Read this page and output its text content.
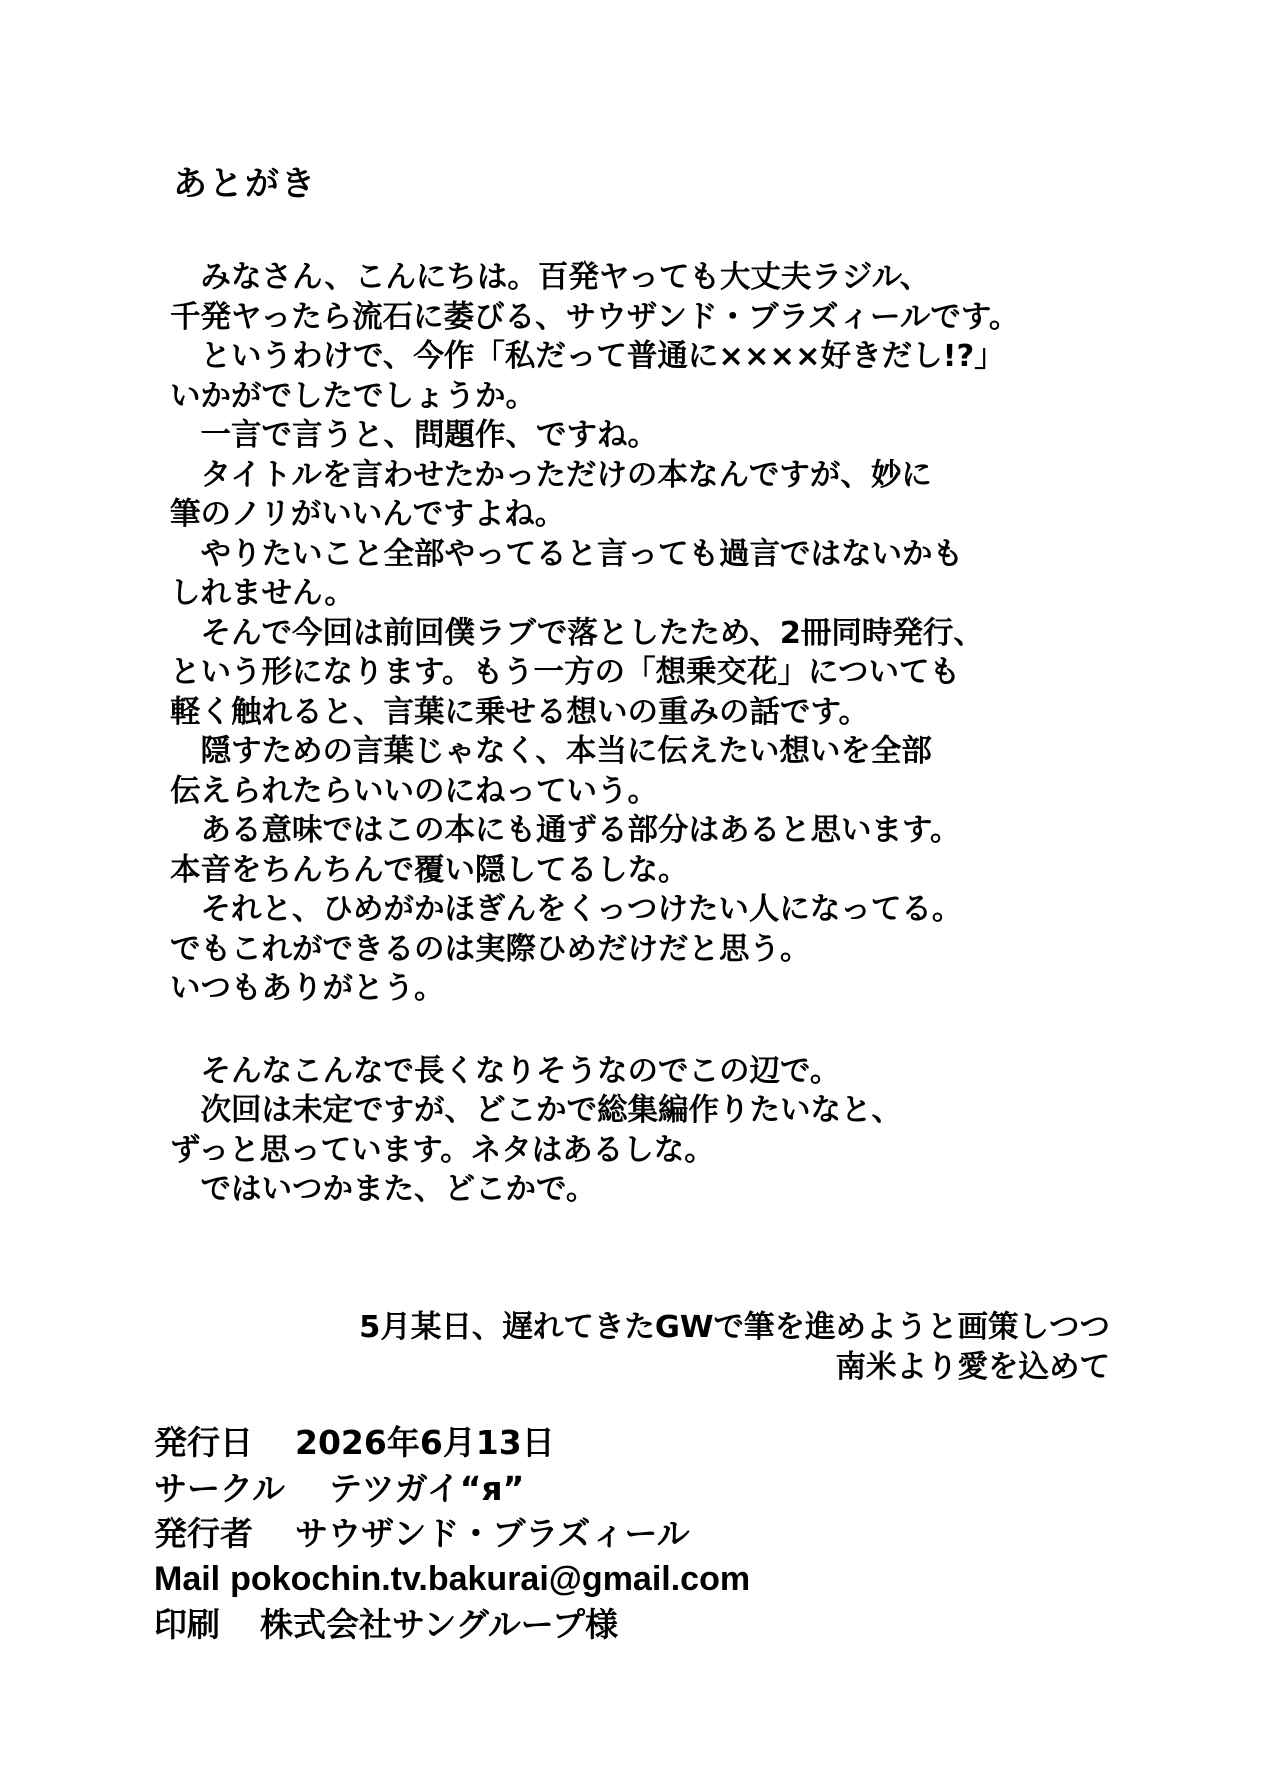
あとがき
　みなさん、こんにちは。百発ヤっても大丈夫ラジル、
千発ヤったら流石に萎びる、サウザンド・ブラズィールです。
　というわけで、今作「私だって普通に××××好きだし!?」
いかがでしたでしょうか。
　一言で言うと、問題作、ですね。
　タイトルを言わせたかっただけの本なんですが、妙に
筆のノリがいいんですよね。
　やりたいこと全部やってると言っても過言ではないかも
しれません。
　そんで今回は前回僕ラブで落としたため、2冊同時発行、
という形になります。もう一方の「想乗交花」についても
軽く触れると、言葉に乗せる想いの重みの話です。
　隠すための言葉じゃなく、本当に伝えたい想いを全部
伝えられたらいいのにねっていう。
　ある意味ではこの本にも通ずる部分はあると思います。
本音をちんちんで覆い隠してるしな。
　それと、ひめがかほぎんをくっつけたい人になってる。
でもこれができるのは実際ひめだけだと思う。
いつもありがとう。
　そんなこんなで長くなりそうなのでこの辺で。
　次回は未定ですが、どこかで総集編作りたいなと、
ずっと思っています。ネタはあるしな。
　ではいつかまた、どこかで。
5月某日、遅れてきたGWで筆を進めようと画策しつつ
南米より愛を込めて
発行日 2026年6月13日
サークル テツガイ“я”
発行者 サウザンド・ブラズィール
Mail pokochin.tv.bakurai@gmail.com
印刷 株式会社サングループ様
